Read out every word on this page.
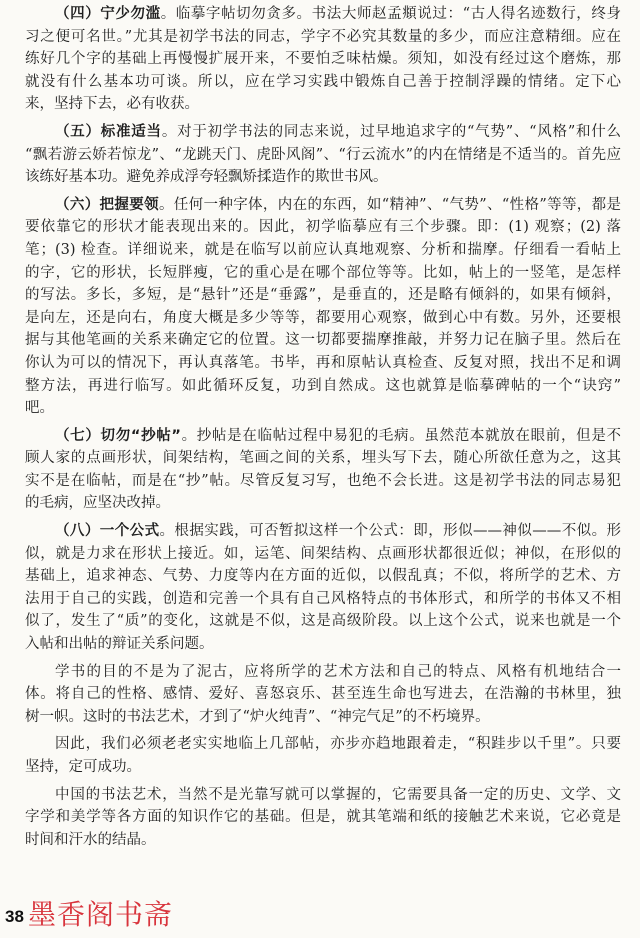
（四）宁少勿滥。临摹字帖切勿贪多。书法大师赵孟頫说过：“古人得名迹数行，终身
习之便可名世。”尤其是初学书法的同志，学字不必究其数量的多少，而应注意精细。应在
练好几个字的基础上再慢慢扩展开来，不要怕乏味枯燥。须知，如没有经过这个磨炼，那
就没有什么基本功可谈。所以，应在学习实践中锻炼自己善于控制浮躁的情绪。定下心
来，坚持下去，必有收获。
（五）标准适当。对于初学书法的同志来说，过早地追求字的“气势”、“风格”和什么
“飘若游云娇若惊龙”、“龙跳天门、虎卧风阁”、“行云流水”的内在情绪是不适当的。首先应
该练好基本功。避免养成浮夸轻飘矫揉造作的欺世书风。
（六）把握要领。任何一种字体，内在的东西，如“精神”、“气势”、“性格”等等，都是
要依靠它的形状才能表现出来的。因此，初学临摹应有三个步骤。即：(1) 观察；(2) 落
笔；(3) 检查。详细说来，就是在临写以前应认真地观察、分析和揣摩。仔细看一看帖上
的字，它的形状，长短胖瘦，它的重心是在哪个部位等等。比如，帖上的一竖笔，是怎样
的写法。多长，多短，是“悬针”还是“垂露”，是垂直的，还是略有倾斜的，如果有倾斜，
是向左，还是向右，角度大概是多少等等，都要用心观察，做到心中有数。另外，还要根
据与其他笔画的关系来确定它的位置。这一切都要揣摩推敲，并努力记在脑子里。然后在
你认为可以的情况下，再认真落笔。书毕，再和原帖认真检查、反复对照，找出不足和调
整方法，再进行临写。如此循环反复，功到自然成。这也就算是临摹碑帖的一个“诀窍”
吧。
（七）切勿“抄帖”。抄帖是在临帖过程中易犯的毛病。虽然范本就放在眼前，但是不
顾人家的点画形状，间架结构，笔画之间的关系，埋头写下去，随心所欲任意为之，这其
实不是在临帖，而是在“抄”帖。尽管反复习写，也绝不会长进。这是初学书法的同志易犯
的毛病，应坚决改掉。
（八）一个公式。根据实践，可否暂拟这样一个公式：即，形似——神似——不似。形
似，就是力求在形状上接近。如，运笔、间架结构、点画形状都很近似；神似，在形似的
基础上，追求神态、气势、力度等内在方面的近似，以假乱真；不似，将所学的艺术、方
法用于自己的实践，创造和完善一个具有自己风格特点的书体形式，和所学的书体又不相
似了，发生了“质”的变化，这就是不似，这是高级阶段。以上这个公式，说来也就是一个
入帖和出帖的辩证关系问题。
学书的目的不是为了泥古，应将所学的艺术方法和自己的特点、风格有机地结合一
体。将自己的性格、感情、爱好、喜怒哀乐、甚至连生命也写进去，在浩瀚的书林里，独
树一帜。这时的书法艺术，才到了“炉火纯青”、“神完气足”的不朽境界。
因此，我们必须老老实实地临上几部帖，亦步亦趋地跟着走，“积跬步以千里”。只要
坚持，定可成功。
中国的书法艺术，当然不是光靠写就可以掌握的，它需要具备一定的历史、文学、文
字学和美学等各方面的知识作它的基础。但是，就其笔端和纸的接触艺术来说，它必竟是
时间和汗水的结晶。
38 墨香阁书斋
